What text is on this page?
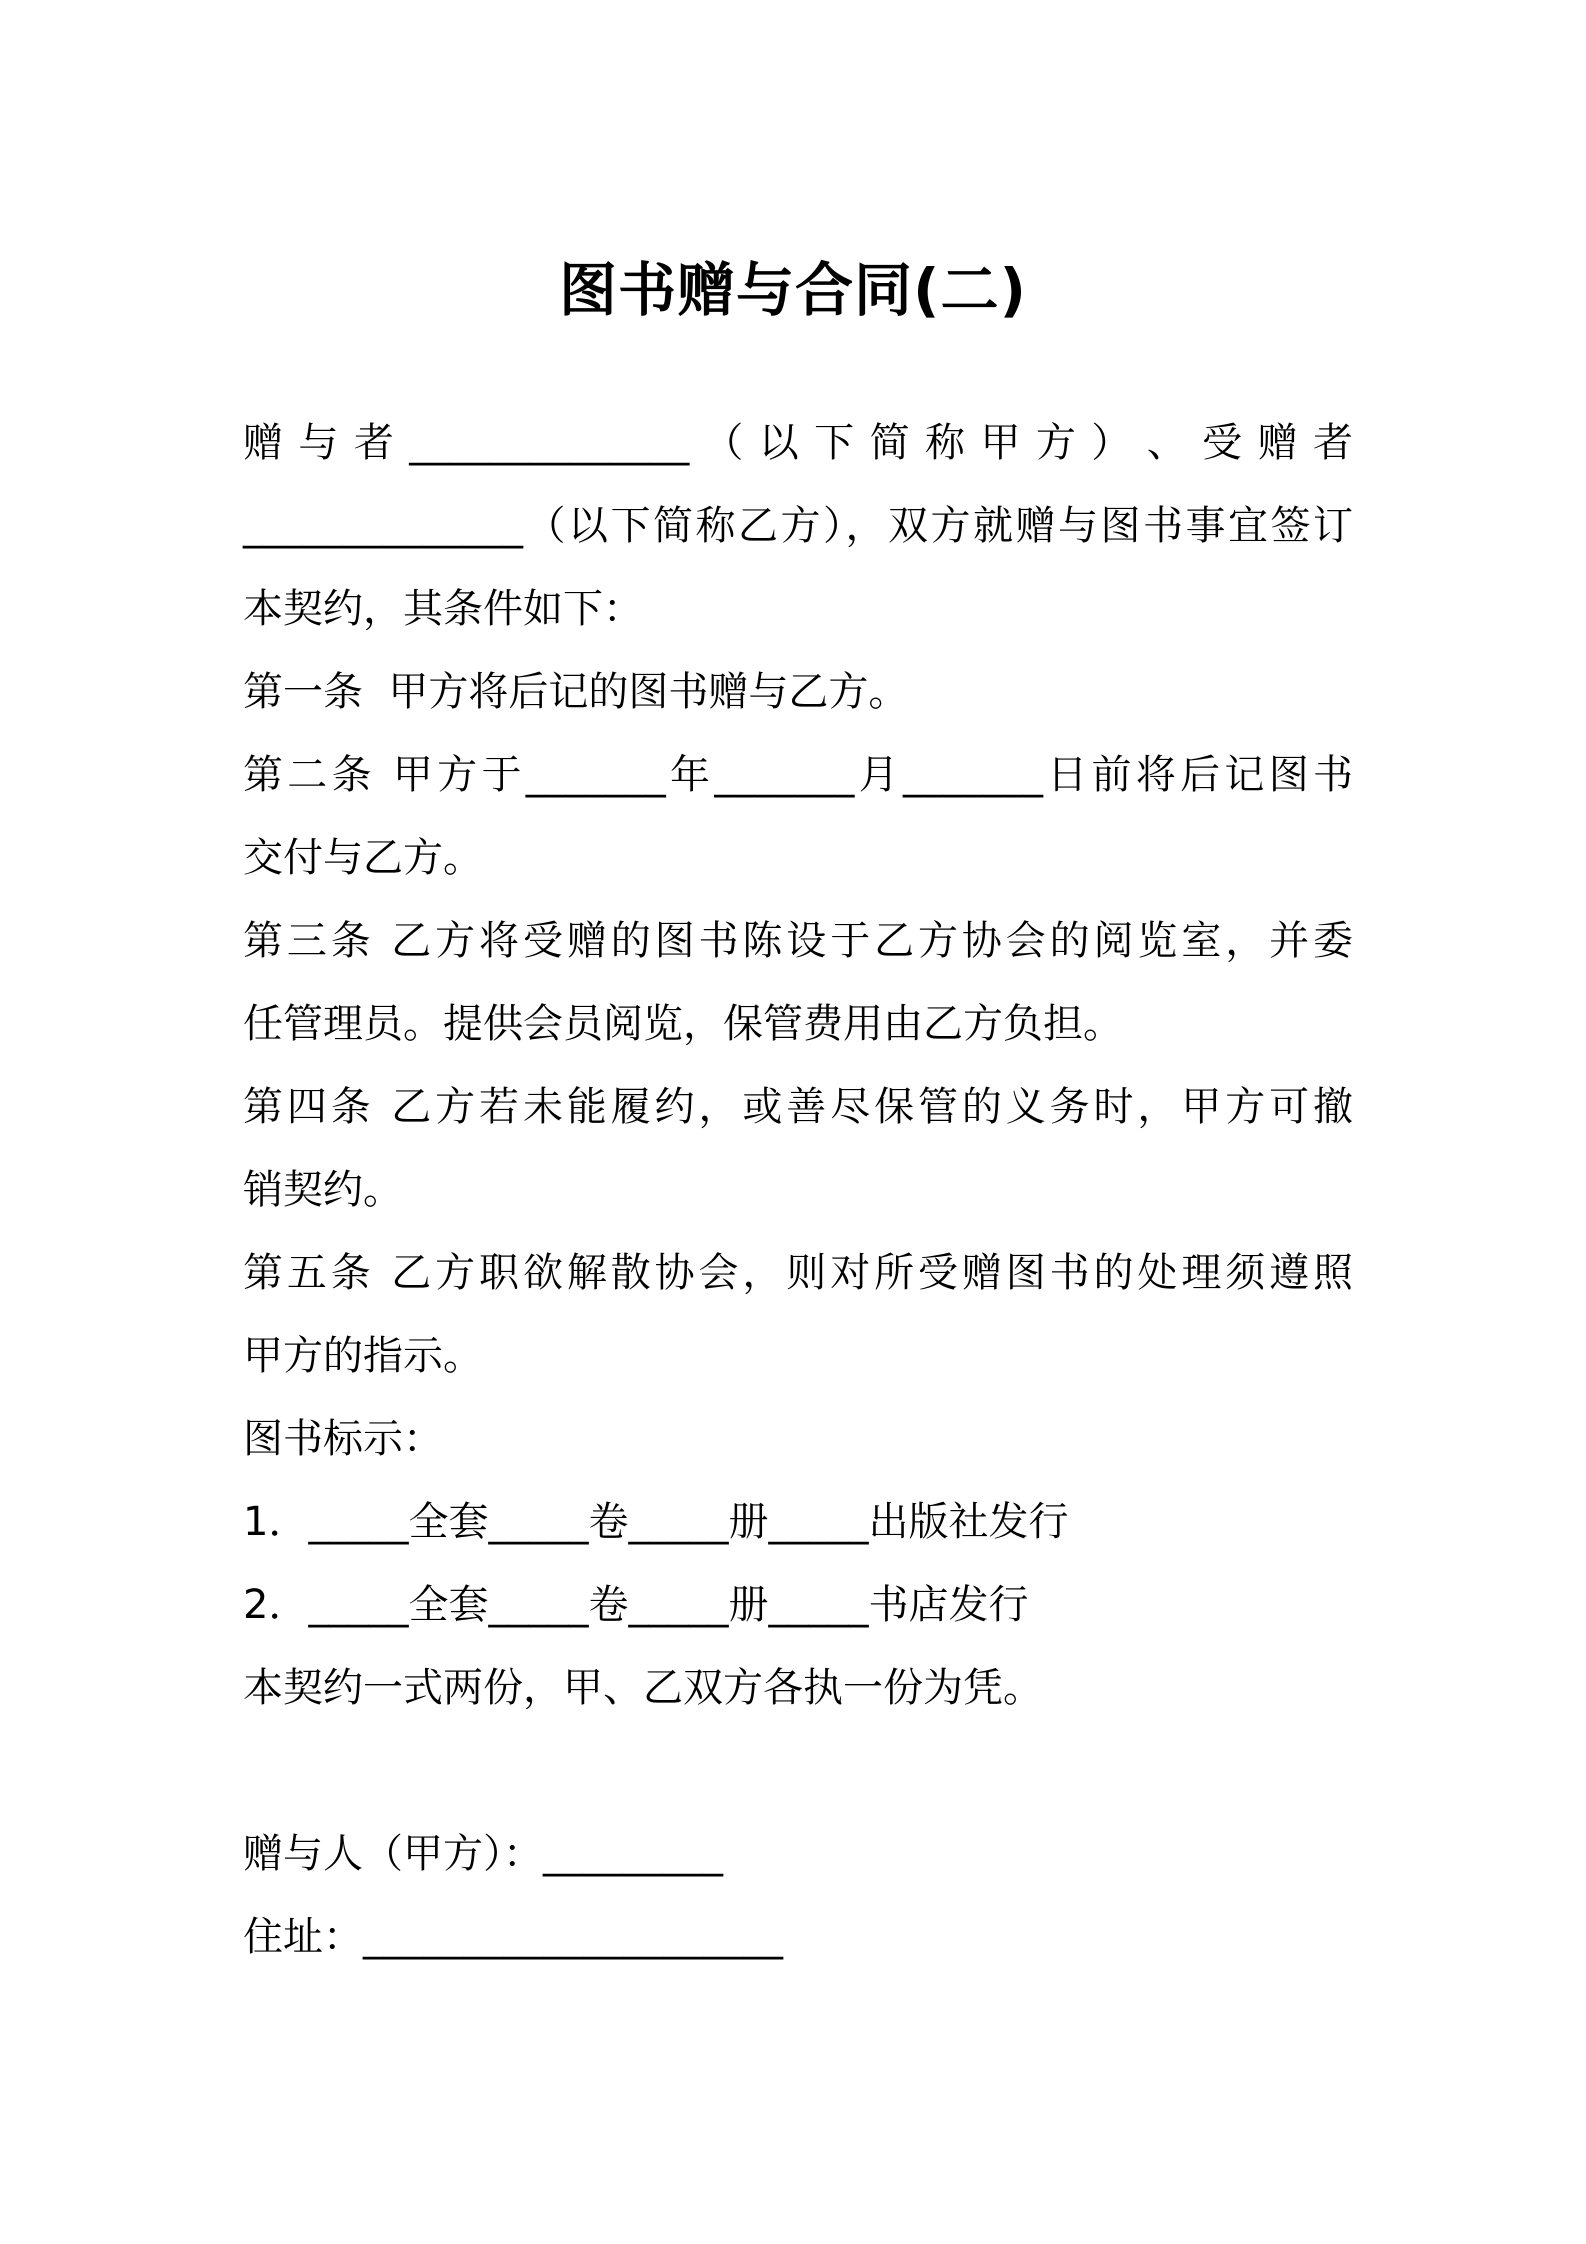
图书赠与合同(二)
赠 与 者 ______________ （ 以 下 简 称 甲 方 ） 、 受 赠 者
______________（以下简称乙方），双方就赠与图书事宜签订
本契约，其条件如下：
第一条  甲方将后记的图书赠与乙方。
第二条 甲方于_______年_______月_______日前将后记图书
交付与乙方。
第三条 乙方将受赠的图书陈设于乙方协会的阅览室，并委
任管理员。提供会员阅览，保管费用由乙方负担。
第四条 乙方若未能履约，或善尽保管的义务时，甲方可撤
销契约。
第五条 乙方职欲解散协会，则对所受赠图书的处理须遵照
甲方的指示。
图书标示：
1．_____全套_____卷_____册_____出版社发行
2．_____全套_____卷_____册_____书店发行
本契约一式两份，甲、乙双方各执一份为凭。
赠与人（甲方）：_________
住址：_____________________
